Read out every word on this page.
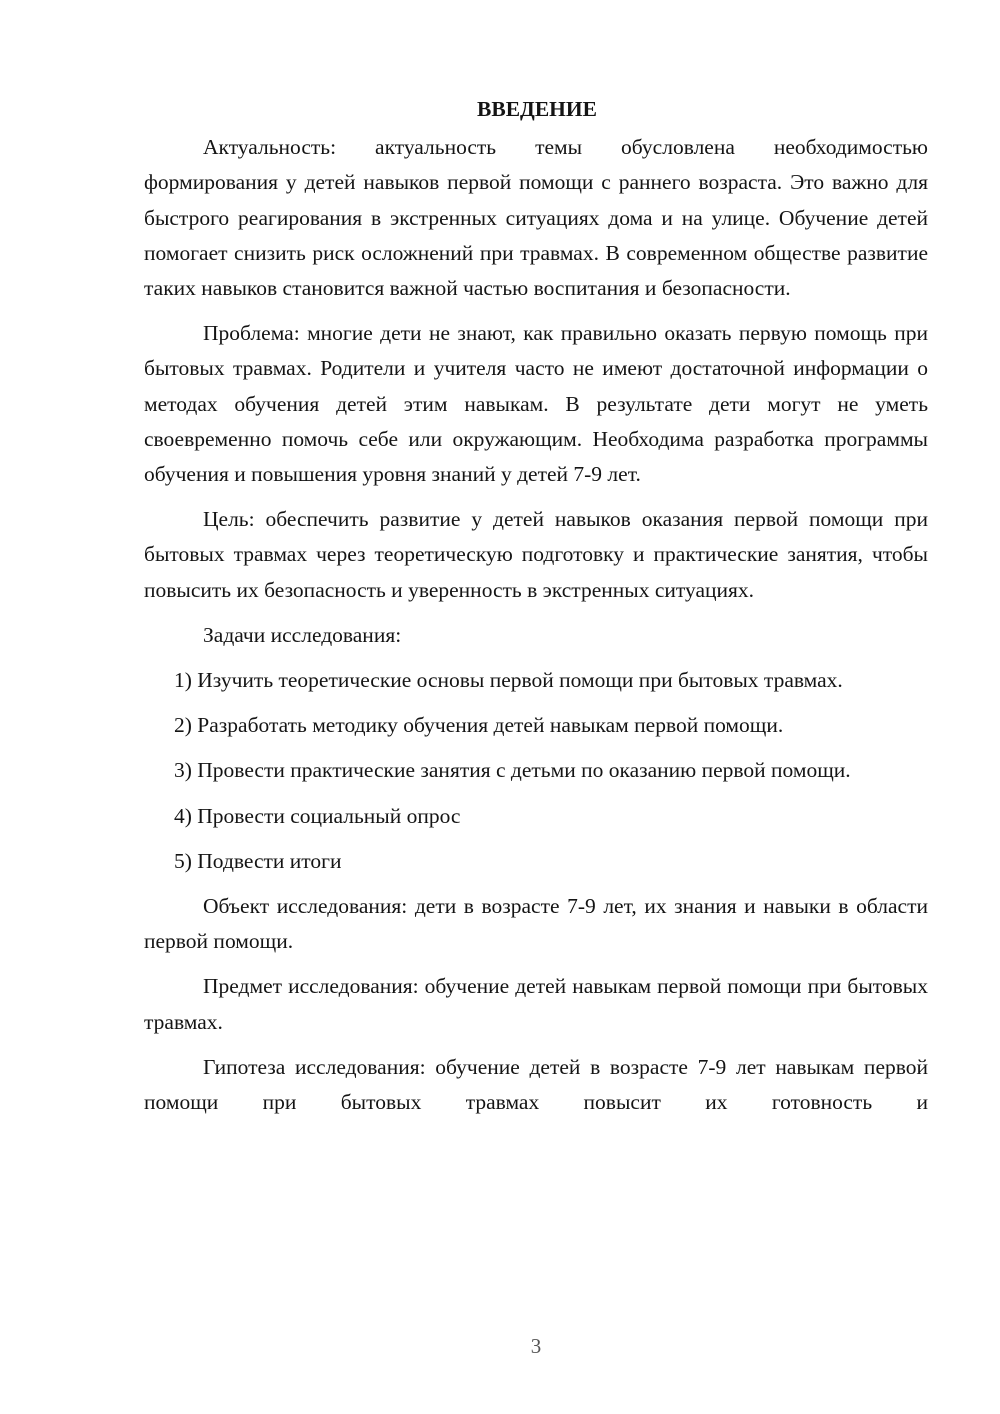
ВВЕДЕНИЕ

Актуальность: актуальность темы обусловлена необходимостью формирования у детей навыков первой помощи с раннего возраста. Это важно для быстрого реагирования в экстренных ситуациях дома и на улице. Обучение детей помогает снизить риск осложнений при травмах. В современном обществе развитие таких навыков становится важной частью воспитания и безопасности.

Проблема: многие дети не знают, как правильно оказать первую помощь при бытовых травмах. Родители и учителя часто не имеют достаточной информации о методах обучения детей этим навыкам. В результате дети могут не уметь своевременно помочь себе или окружающим. Необходима разработка программы обучения и повышения уровня знаний у детей 7-9 лет.

Цель: обеспечить развитие у детей навыков оказания первой помощи при бытовых травмах через теоретическую подготовку и практические занятия, чтобы повысить их безопасность и уверенность в экстренных ситуациях.

Задачи исследования:

1) Изучить теоретические основы первой помощи при бытовых травмах.

2) Разработать методику обучения детей навыкам первой помощи.

3) Провести практические занятия с детьми по оказанию первой помощи.

4) Провести социальный опрос

5) Подвести итоги

Объект исследования: дети в возрасте 7-9 лет, их знания и навыки в области первой помощи.

Предмет исследования: обучение детей навыкам первой помощи при бытовых травмах.

Гипотеза исследования: обучение детей в возрасте 7-9 лет навыкам первой помощи при бытовых травмах повысит их готовность и

3
